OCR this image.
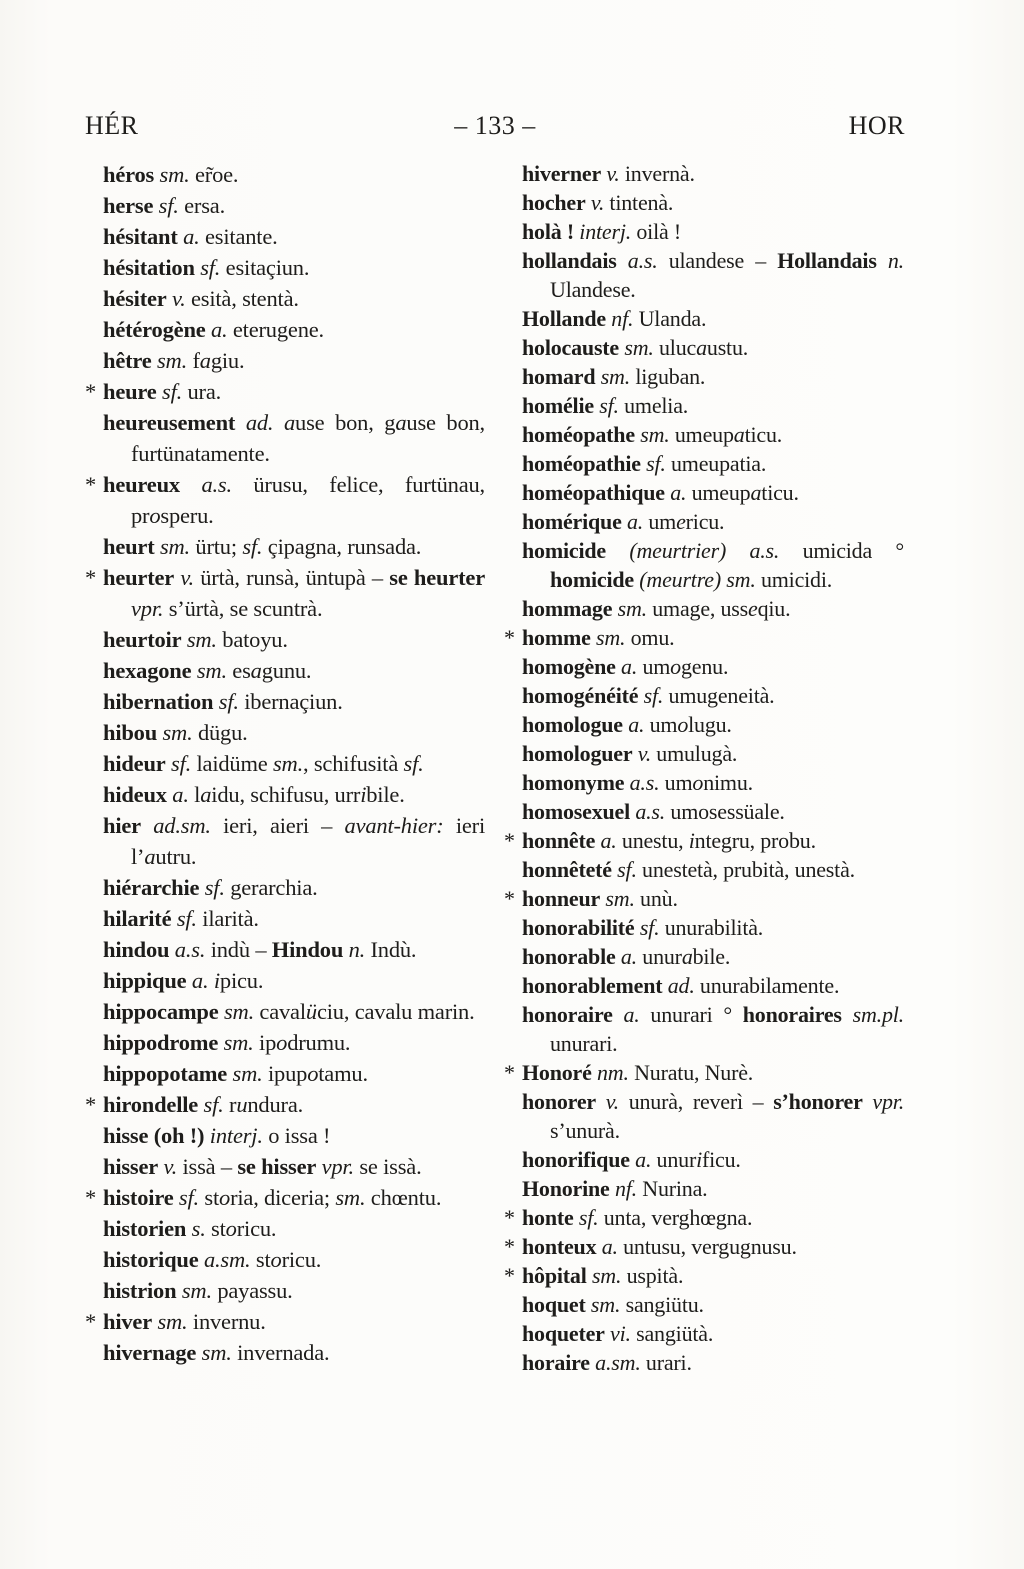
HÉR	– 133 –	HOR
héros sm. er̃oe.
herse sf. ersa.
hésitant a. esitante.
hésitation sf. esitaçiun.
hésiter v. esità, stentà.
hétérogène a. eterugene.
hêtre sm. fagiu.
* heure sf. ura.
heureusement ad. ause bon, gause bon, furtünatamente.
* heureux a.s. ürusu, felice, furtünau, prosperu.
heurt sm. ürtu; sf. çipagna, runsada.
* heurter v. ürtà, runsà, üntupà – se heurter vpr. s’ürtà, se scuntrà.
heurtoir sm. batoyu.
hexagone sm. esagunu.
hibernation sf. ibernaçiun.
hibou sm. dügu.
hideur sf. laidüme sm., schifusità sf.
hideux a. laidu, schifusu, urribile.
hier ad.sm. ieri, aieri – avant-hier: ieri l’autru.
hiérarchie sf. gerarchia.
hilarité sf. ilarità.
hindou a.s. indù – Hindou n. Indù.
hippique a. ipicu.
hippocampe sm. cavalüciu, cavalu marin.
hippodrome sm. ipodrumu.
hippopotame sm. ipupotamu.
* hirondelle sf. rundura.
hisse (oh !) interj. o issa !
hisser v. issà – se hisser vpr. se issà.
* histoire sf. storia, diceria; sm. chœntu.
historien s. storicu.
historique a.sm. storicu.
histrion sm. payassu.
* hiver sm. invernu.
hivernage sm. invernada.
hiverner v. invernà.
hocher v. tintenà.
holà ! interj. oilà !
hollandais a.s. ulandese – Hollandais n. Ulandese.
Hollande nf. Ulanda.
holocauste sm. ulucaustu.
homard sm. liguban.
homélie sf. umelia.
homéopathe sm. umeupaticu.
homéopathie sf. umeupatia.
homéopathique a. umeupaticu.
homérique a. umericu.
homicide (meurtrier) a.s. umicida ° homicide (meurtre) sm. umicidi.
hommage sm. umage, usseqiu.
* homme sm. omu.
homogène a. umogenu.
homogénéité sf. umugeneità.
homologue a. umolugu.
homologuer v. umulugà.
homonyme a.s. umonimu.
homosexuel a.s. umosessüale.
* honnête a. unestu, integru, probu.
honnêteté sf. unestetà, prubità, unestà.
* honneur sm. unù.
honorabilité sf. unurabilità.
honorable a. unurabile.
honorablement ad. unurabilamente.
honoraire a. unurari ° honoraires sm.pl. unurari.
* Honoré nm. Nuratu, Nurè.
honorer v. unurà, reverì – s’honorer vpr. s’unurà.
honorifique a. unurificu.
Honorine nf. Nurina.
* honte sf. unta, verghœgna.
* honteux a. untusu, vergugnusu.
* hôpital sm. uspità.
hoquet sm. sangiütu.
hoqueter vi. sangiütà.
horaire a.sm. urari.
